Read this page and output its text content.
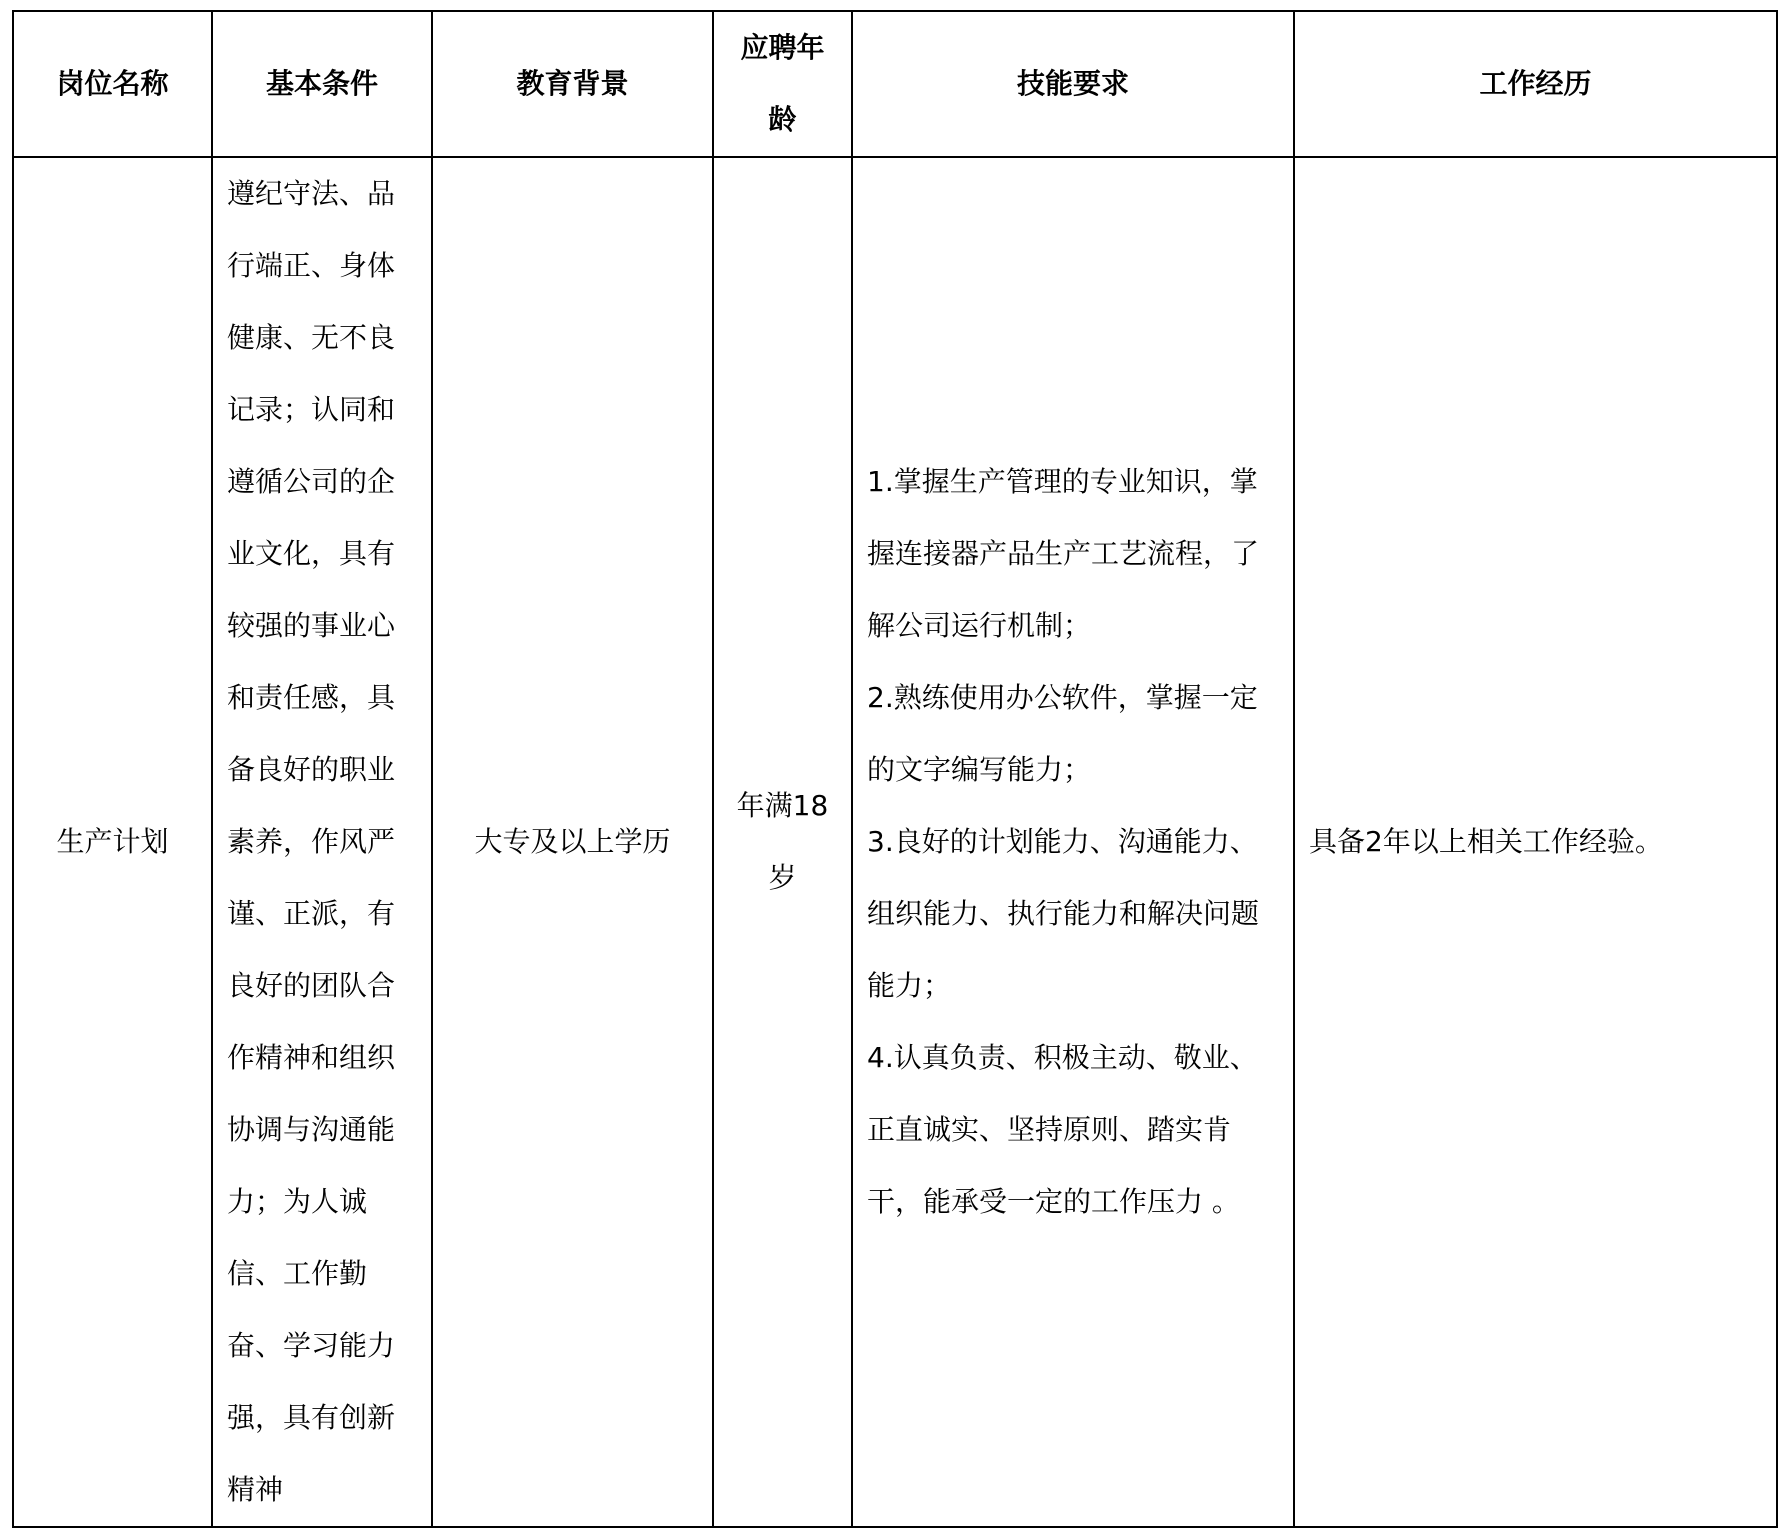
岗位名称	基本条件	教育背景	应聘年龄	技能要求	工作经历
生产计划	遵纪守法、品行端正、身体健康、无不良记录；认同和遵循公司的企业文化，具有较强的事业心和责任感，具备良好的职业素养，作风严谨、正派，有良好的团队合作精神和组织协调与沟通能力；为人诚信、工作勤奋、学习能力强，具有创新精神	大专及以上学历	年满18岁	1.掌握生产管理的专业知识，掌握连接器产品生产工艺流程，了解公司运行机制；
2.熟练使用办公软件，掌握一定的文字编写能力；
3.良好的计划能力、沟通能力、组织能力、执行能力和解决问题能力；
4.认真负责、积极主动、敬业、正直诚实、坚持原则、踏实肯干，能承受一定的工作压力 。	具备2年以上相关工作经验。
